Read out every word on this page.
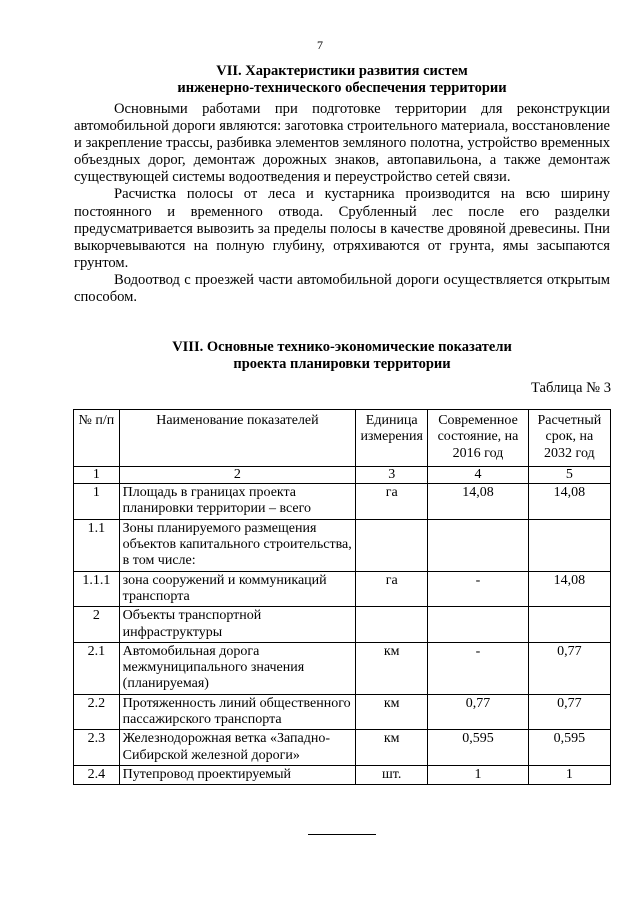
7
VII. Характеристики развития систем
инженерно-технического обеспечения территории

Основными работами при подготовке территории для реконструкции автомобильной дороги являются: заготовка строительного материала, восстановление и закрепление трассы, разбивка элементов земляного полотна, устройство временных объездных дорог, демонтаж дорожных знаков, автопавильона, а также демонтаж существующей системы водоотведения и переустройство сетей связи.

Расчистка полосы от леса и кустарника производится на всю ширину постоянного и временного отвода. Срубленный лес после его разделки предусматривается вывозить за пределы полосы в качестве дровяной древесины. Пни выкорчевываются на полную глубину, отряхиваются от грунта, ямы засыпаются грунтом.

Водоотвод с проезжей части автомобильной дороги осуществляется открытым способом.

VIII. Основные технико-экономические показатели
проекта планировки территории
Таблица № 3
№ п/п	Наименование показателей	Единица измерения	Современное состояние, на 2016 год	Расчетный срок, на 2032 год
1	2	3	4	5
1	Площадь в границах проекта планировки территории – всего	га	14,08	14,08
1.1	Зоны планируемого размещения объектов капитального строительства, в том числе:			
1.1.1	зона сооружений и коммуникаций транспорта	га	-	14,08
2	Объекты транспортной инфраструктуры			
2.1	Автомобильная дорога межмуниципального значения (планируемая)	км	-	0,77
2.2	Протяженность линий общественного пассажирского транспорта	км	0,77	0,77
2.3	Железнодорожная ветка «Западно-Сибирской железной дороги»	км	0,595	0,595
2.4	Путепровод проектируемый	шт.	1	1
